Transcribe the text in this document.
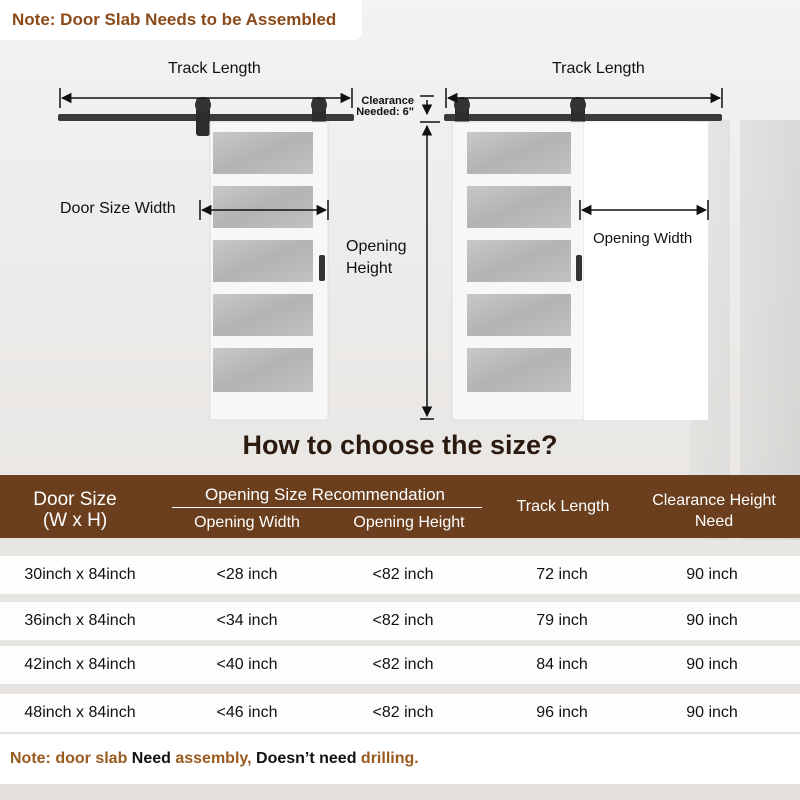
Note: Door Slab Needs to be Assembled
Track Length	Track Length
Clearance
Needed: 6"
Door Size Width
Opening
Height
Opening Width
How to choose the size?
Door Size
(W x H)
Opening Size Recommendation
Opening Width	Opening Height
Track Length	Clearance Height
Need
30inch x 84inch	<28 inch	<82 inch	72 inch	90 inch
36inch x 84inch	<34 inch	<82 inch	79 inch	90 inch
42inch x 84inch	<40 inch	<82 inch	84 inch	90 inch
48inch x 84inch	<46 inch	<82 inch	96 inch	90 inch
Note: door slab Need assembly, Doesn’t need drilling.
